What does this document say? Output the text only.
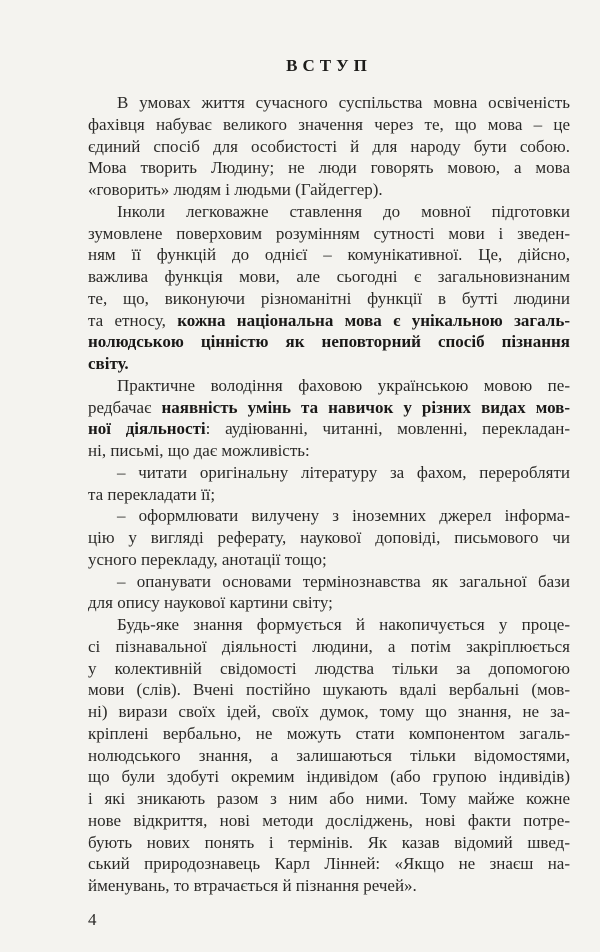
ВСТУП
В умовах життя сучасного суспільства мовна освіченість
фахівця набуває великого значення через те, що мова – це
єдиний спосіб для особистості й для народу бути собою.
Мова творить Людину; не люди говорять мовою, а мова
«говорить» людям і людьми (Гайдеггер).
Інколи легковажне ставлення до мовної підготовки
зумовлене поверховим розумінням сутності мови і зведен-
ням її функцій до однієї – комунікативної. Це, дійсно,
важлива функція мови, але сьогодні є загальновизнаним
те, що, виконуючи різноманітні функції в бутті людини
та етносу, кожна національна мова є унікальною загаль-
нолюдською цінністю як неповторний спосіб пізнання
світу.
Практичне володіння фаховою українською мовою пе-
редбачає наявність умінь та навичок у різних видах мов-
ної діяльності: аудіюванні, читанні, мовленні, перекладан-
ні, письмі, що дає можливість:
– читати оригінальну літературу за фахом, переробляти
та перекладати її;
– оформлювати вилучену з іноземних джерел інформа-
цію у вигляді реферату, наукової доповіді, письмового чи
усного перекладу, анотації тощо;
– опанувати основами термінознавства як загальної бази
для опису наукової картини світу;
Будь-яке знання формується й накопичується у проце-
сі пізнавальної діяльності людини, а потім закріплюється
у колективній свідомості людства тільки за допомогою
мови (слів). Вчені постійно шукають вдалі вербальні (мов-
ні) вирази своїх ідей, своїх думок, тому що знання, не за-
кріплені вербально, не можуть стати компонентом загаль-
нолюдського знання, а залишаються тільки відомостями,
що були здобуті окремим індивідом (або групою індивідів)
і які зникають разом з ним або ними. Тому майже кожне
нове відкриття, нові методи досліджень, нові факти потре-
бують нових понять і термінів. Як казав відомий швед-
ський природознавець Карл Лінней: «Якщо не знаєш на-
йменувань, то втрачається й пізнання речей».
4
